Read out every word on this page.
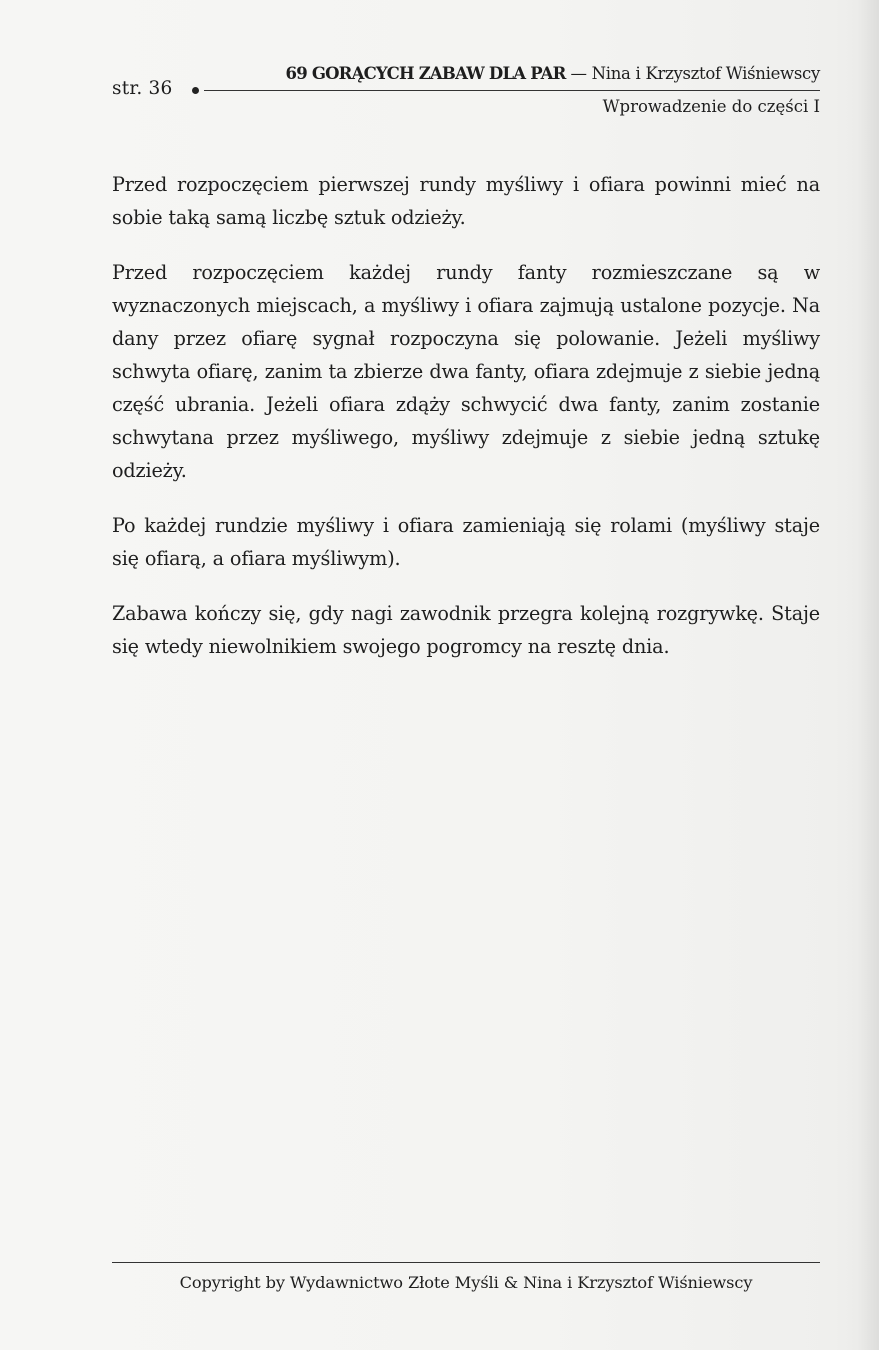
str. 36
69 GORĄCYCH ZABAW DLA PAR — Nina i Krzysztof Wiśniewscy
Wprowadzenie do części I

Przed rozpoczęciem pierwszej rundy myśliwy i ofiara powinni mieć na sobie taką samą liczbę sztuk odzieży.

Przed rozpoczęciem każdej rundy fanty rozmieszczane są w wyznaczonych miejscach, a myśliwy i ofiara zajmują ustalone pozycje. Na dany przez ofiarę sygnał rozpoczyna się polowanie. Jeżeli myśliwy schwyta ofiarę, zanim ta zbierze dwa fanty, ofiara zdejmuje z siebie jedną część ubrania. Jeżeli ofiara zdąży schwycić dwa fanty, zanim zostanie schwytana przez myśliwego, myśliwy zdejmuje z siebie jedną sztukę odzieży.

Po każdej rundzie myśliwy i ofiara zamieniają się rolami (myśliwy staje się ofiarą, a ofiara myśliwym).

Zabawa kończy się, gdy nagi zawodnik przegra kolejną rozgrywkę. Staje się wtedy niewolnikiem swojego pogromcy na resztę dnia.

Copyright by Wydawnictwo Złote Myśli & Nina i Krzysztof Wiśniewscy
